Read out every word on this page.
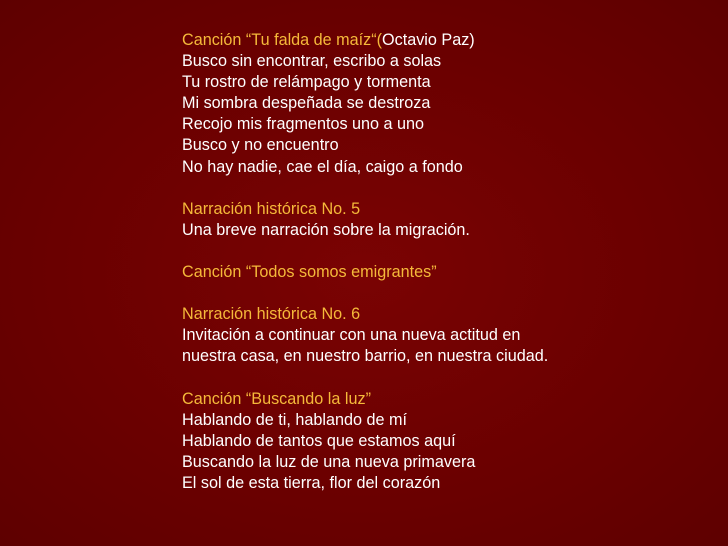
Canción “Tu falda de maíz“(Octavio Paz)
Busco sin encontrar, escribo a solas
Tu rostro de relámpago y tormenta
Mi sombra despeñada se destroza
Recojo mis fragmentos uno a uno
Busco y no encuentro
No hay nadie, cae el día, caigo a fondo
Narración histórica No. 5
Una breve narración sobre la migración.
Canción “Todos somos emigrantes”
Narración histórica No. 6
Invitación a continuar con una nueva actitud en
nuestra casa, en nuestro barrio, en nuestra ciudad.
Canción “Buscando la luz”
Hablando de ti, hablando de mí
Hablando de tantos que estamos aquí
Buscando la luz de una nueva primavera
El sol de esta tierra, flor del corazón
